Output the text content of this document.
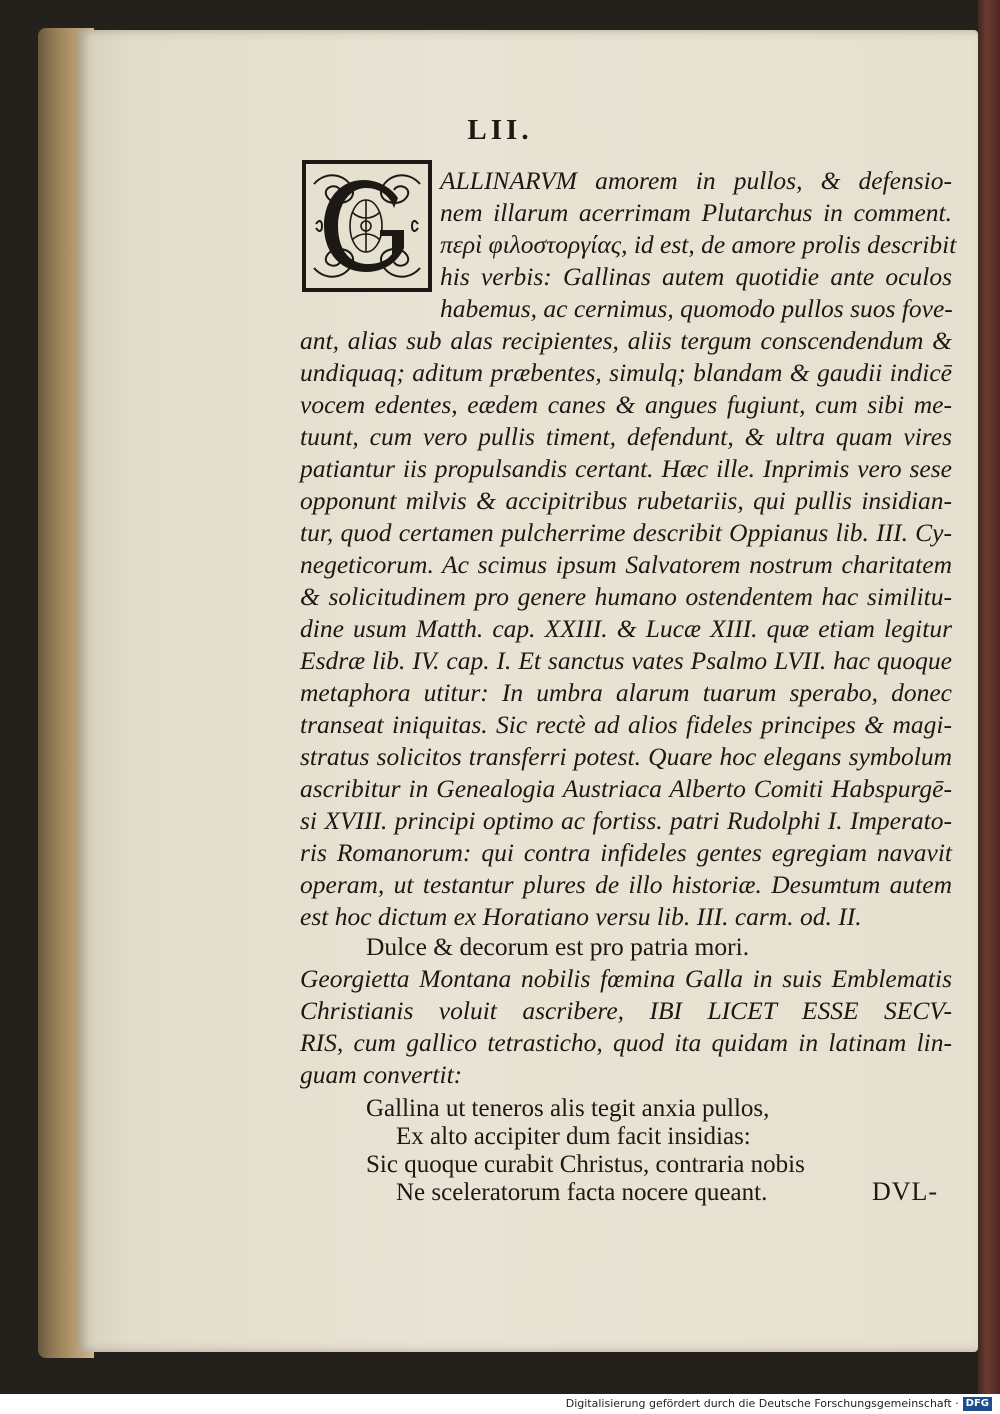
LII.
ALLINARVM amorem in pullos, & defensio-
nem illarum acerrimam Plutarchus in comment.
περὶ φιλοστοργίας, id est, de amore prolis describit
his verbis: Gallinas autem quotidie ante oculos
habemus, ac cernimus, quomodo pullos suos fove-
ant, alias sub alas recipientes, aliis tergum conscendendum &
undiquaq; aditum præbentes, simulq; blandam & gaudii indicē
vocem edentes, eædem canes & angues fugiunt, cum sibi me-
tuunt, cum vero pullis timent, defendunt, & ultra quam vires
patiantur iis propulsandis certant. Hæc ille. Inprimis vero sese
opponunt milvis & accipitribus rubetariis, qui pullis insidian-
tur, quod certamen pulcherrime describit Oppianus lib. III. Cy-
negeticorum. Ac scimus ipsum Salvatorem nostrum charitatem
& solicitudinem pro genere humano ostendentem hac similitu-
dine usum Matth. cap. XXIII. & Lucæ XIII. quæ etiam legitur
Esdræ lib. IV. cap. I. Et sanctus vates Psalmo LVII. hac quoque
metaphora utitur: In umbra alarum tuarum sperabo, donec
transeat iniquitas. Sic rectè ad alios fideles principes & magi-
stratus solicitos transferri potest. Quare hoc elegans symbolum
ascribitur in Genealogia Austriaca Alberto Comiti Habspurgē-
si XVIII. principi optimo ac fortiss. patri Rudolphi I. Imperato-
ris Romanorum: qui contra infideles gentes egregiam navavit
operam, ut testantur plures de illo historiæ. Desumtum autem
est hoc dictum ex Horatiano versu lib. III. carm. od. II.
Dulce & decorum est pro patria mori.
Georgietta Montana nobilis fœmina Galla in suis Emblematis
Christianis voluit ascribere, IBI LICET ESSE SECV-
RIS, cum gallico tetrasticho, quod ita quidam in latinam lin-
guam convertit:
Gallina ut teneros alis tegit anxia pullos,
Ex alto accipiter dum facit insidias:
Sic quoque curabit Christus, contraria nobis
Ne sceleratorum facta nocere queant.	DVL-
Digitalisierung gefördert durch die Deutsche Forschungsgemeinschaft · DFG
